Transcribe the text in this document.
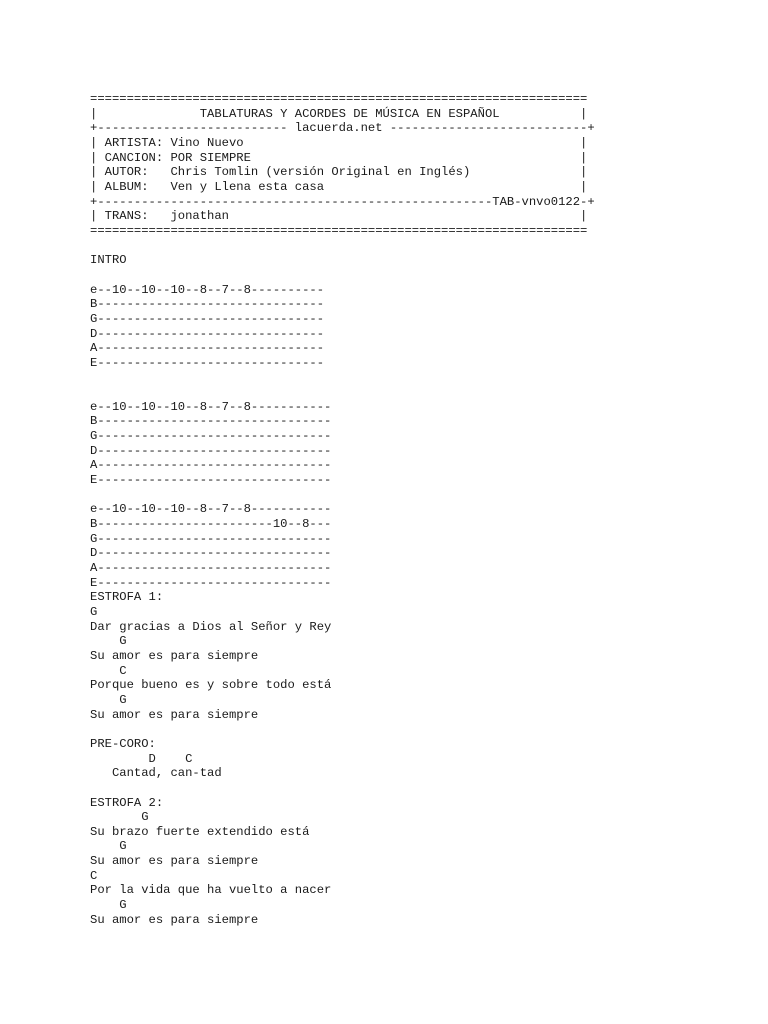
====================================================================
|              TABLATURAS Y ACORDES DE MÚSICA EN ESPAÑOL           |
+-------------------------- lacuerda.net ---------------------------+
| ARTISTA: Vino Nuevo                                              |
| CANCION: POR SIEMPRE                                             |
| AUTOR:   Chris Tomlin (versión Original en Inglés)               |
| ALBUM:   Ven y Llena esta casa                                   |
+------------------------------------------------------TAB-vnvo0122-+
| TRANS:   jonathan                                                |
====================================================================
INTRO
e--10--10--10--8--7--8----------
B-------------------------------
G-------------------------------
D-------------------------------
A-------------------------------
E-------------------------------
e--10--10--10--8--7--8-----------
B--------------------------------
G--------------------------------
D--------------------------------
A--------------------------------
E--------------------------------
e--10--10--10--8--7--8-----------
B------------------------10--8---
G--------------------------------
D--------------------------------
A--------------------------------
E--------------------------------
ESTROFA 1:
G
Dar gracias a Dios al Señor y Rey
G
Su amor es para siempre
C
Porque bueno es y sobre todo está
G
Su amor es para siempre
PRE-CORO:
D    C
Cantad, can-tad
ESTROFA 2:
G
Su brazo fuerte extendido está
G
Su amor es para siempre
C
Por la vida que ha vuelto a nacer
G
Su amor es para siempre
